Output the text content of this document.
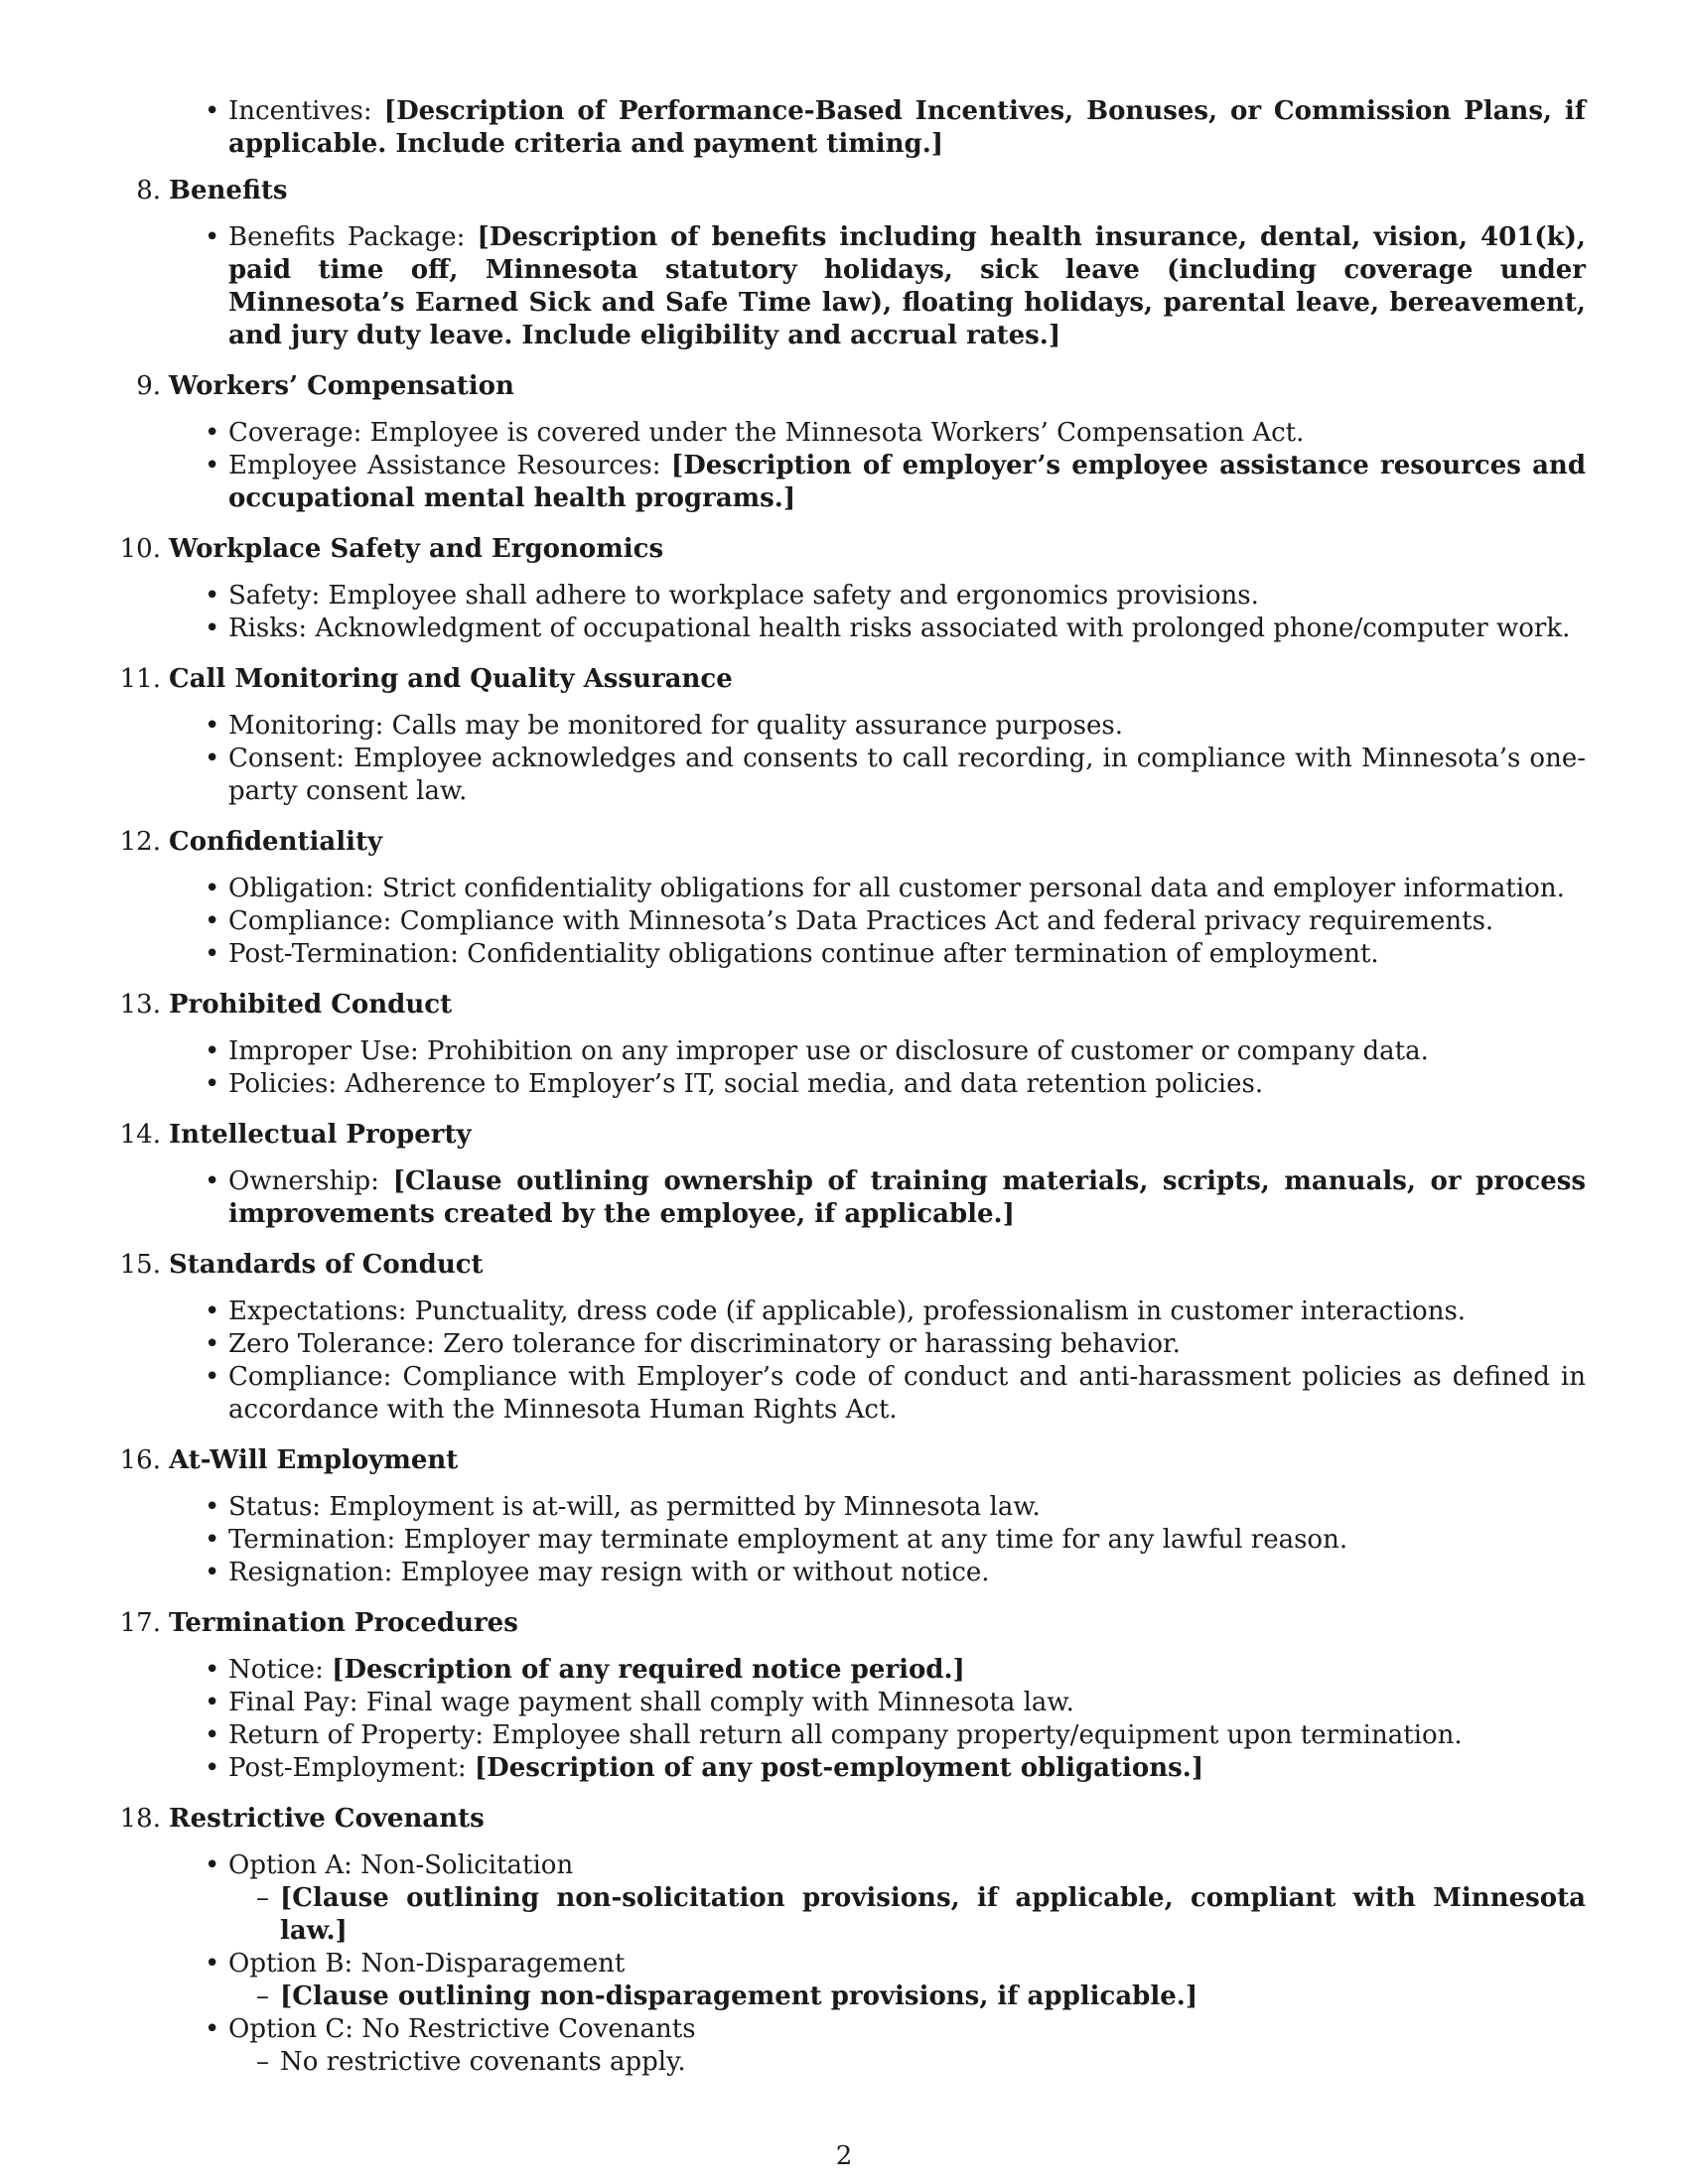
• Incentives: [Description of Performance-Based Incentives, Bonuses, or Commission Plans, if applicable. Include criteria and payment timing.]
8. Benefits
• Benefits Package: [Description of benefits including health insurance, dental, vision, 401(k), paid time off, Minnesota statutory holidays, sick leave (including coverage under Minnesota’s Earned Sick and Safe Time law), floating holidays, parental leave, bereavement, and jury duty leave. Include eligibility and accrual rates.]
9. Workers’ Compensation
• Coverage: Employee is covered under the Minnesota Workers’ Compensation Act.
• Employee Assistance Resources: [Description of employer’s employee assistance resources and occupational mental health programs.]
10. Workplace Safety and Ergonomics
• Safety: Employee shall adhere to workplace safety and ergonomics provisions.
• Risks: Acknowledgment of occupational health risks associated with prolonged phone/computer work.
11. Call Monitoring and Quality Assurance
• Monitoring: Calls may be monitored for quality assurance purposes.
• Consent: Employee acknowledges and consents to call recording, in compliance with Minnesota’s one-party consent law.
12. Confidentiality
• Obligation: Strict confidentiality obligations for all customer personal data and employer information.
• Compliance: Compliance with Minnesota’s Data Practices Act and federal privacy requirements.
• Post-Termination: Confidentiality obligations continue after termination of employment.
13. Prohibited Conduct
• Improper Use: Prohibition on any improper use or disclosure of customer or company data.
• Policies: Adherence to Employer’s IT, social media, and data retention policies.
14. Intellectual Property
• Ownership: [Clause outlining ownership of training materials, scripts, manuals, or process improvements created by the employee, if applicable.]
15. Standards of Conduct
• Expectations: Punctuality, dress code (if applicable), professionalism in customer interactions.
• Zero Tolerance: Zero tolerance for discriminatory or harassing behavior.
• Compliance: Compliance with Employer’s code of conduct and anti-harassment policies as defined in accordance with the Minnesota Human Rights Act.
16. At-Will Employment
• Status: Employment is at-will, as permitted by Minnesota law.
• Termination: Employer may terminate employment at any time for any lawful reason.
• Resignation: Employee may resign with or without notice.
17. Termination Procedures
• Notice: [Description of any required notice period.]
• Final Pay: Final wage payment shall comply with Minnesota law.
• Return of Property: Employee shall return all company property/equipment upon termination.
• Post-Employment: [Description of any post-employment obligations.]
18. Restrictive Covenants
• Option A: Non-Solicitation
– [Clause outlining non-solicitation provisions, if applicable, compliant with Minnesota law.]
• Option B: Non-Disparagement
– [Clause outlining non-disparagement provisions, if applicable.]
• Option C: No Restrictive Covenants
– No restrictive covenants apply.
2
